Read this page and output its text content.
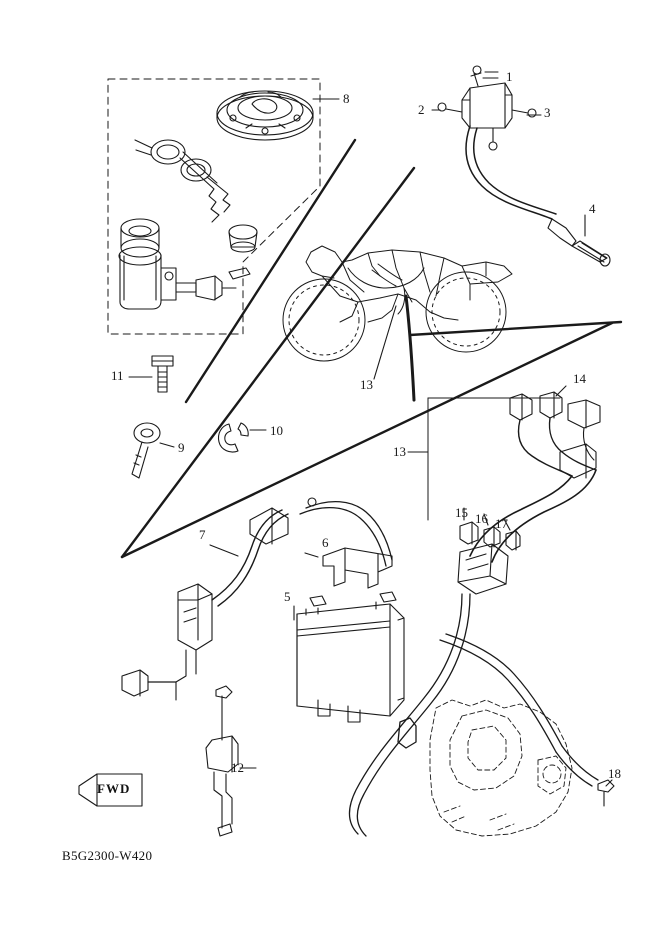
1
2	3
4
5
6
7
8
9
10
11
12
13
13
14
15 16 17
18
FWD
B5G2300-W420
